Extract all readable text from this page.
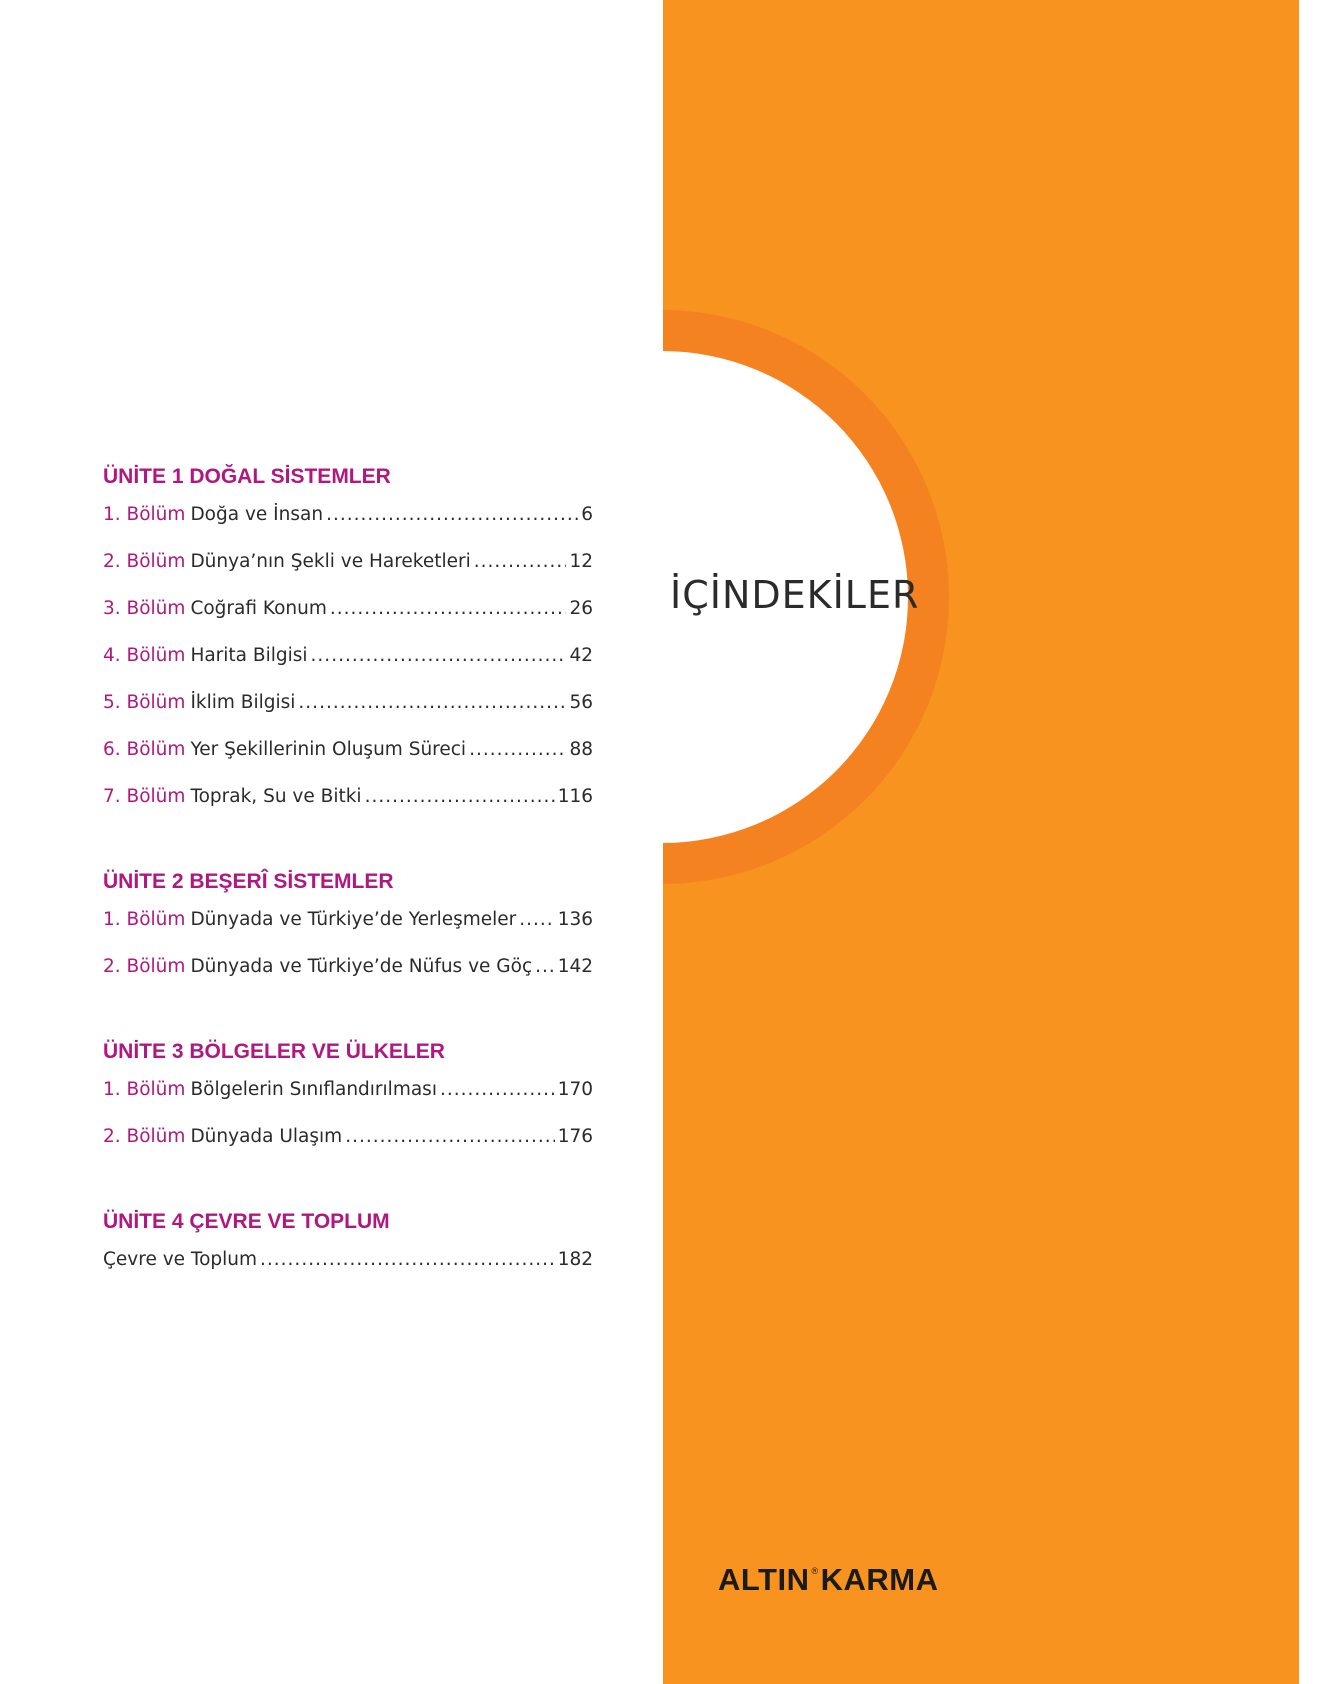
İÇİNDEKİLER
ÜNİTE 1 DOĞAL SİSTEMLER
1. Bölüm Doğa ve İnsan .....	6
2. Bölüm Dünya’nın Şekli ve Hareketleri .....	12
3. Bölüm Coğrafi Konum .....	26
4. Bölüm Harita Bilgisi .....	42
5. Bölüm İklim Bilgisi .....	56
6. Bölüm Yer Şekillerinin Oluşum Süreci .....	88
7. Bölüm Toprak, Su ve Bitki .....	116
ÜNİTE 2 BEŞERÎ SİSTEMLER
1. Bölüm Dünyada ve Türkiye’de Yerleşmeler ..... 136
2. Bölüm Dünyada ve Türkiye’de Nüfus ve Göç ..... 142
ÜNİTE 3 BÖLGELER VE ÜLKELER
1. Bölüm Bölgelerin Sınıflandırılması .....	170
2. Bölüm Dünyada Ulaşım .....	176
ÜNİTE 4 ÇEVRE VE TOPLUM
Çevre ve Toplum .....	182
ALTIN ®KARMA
